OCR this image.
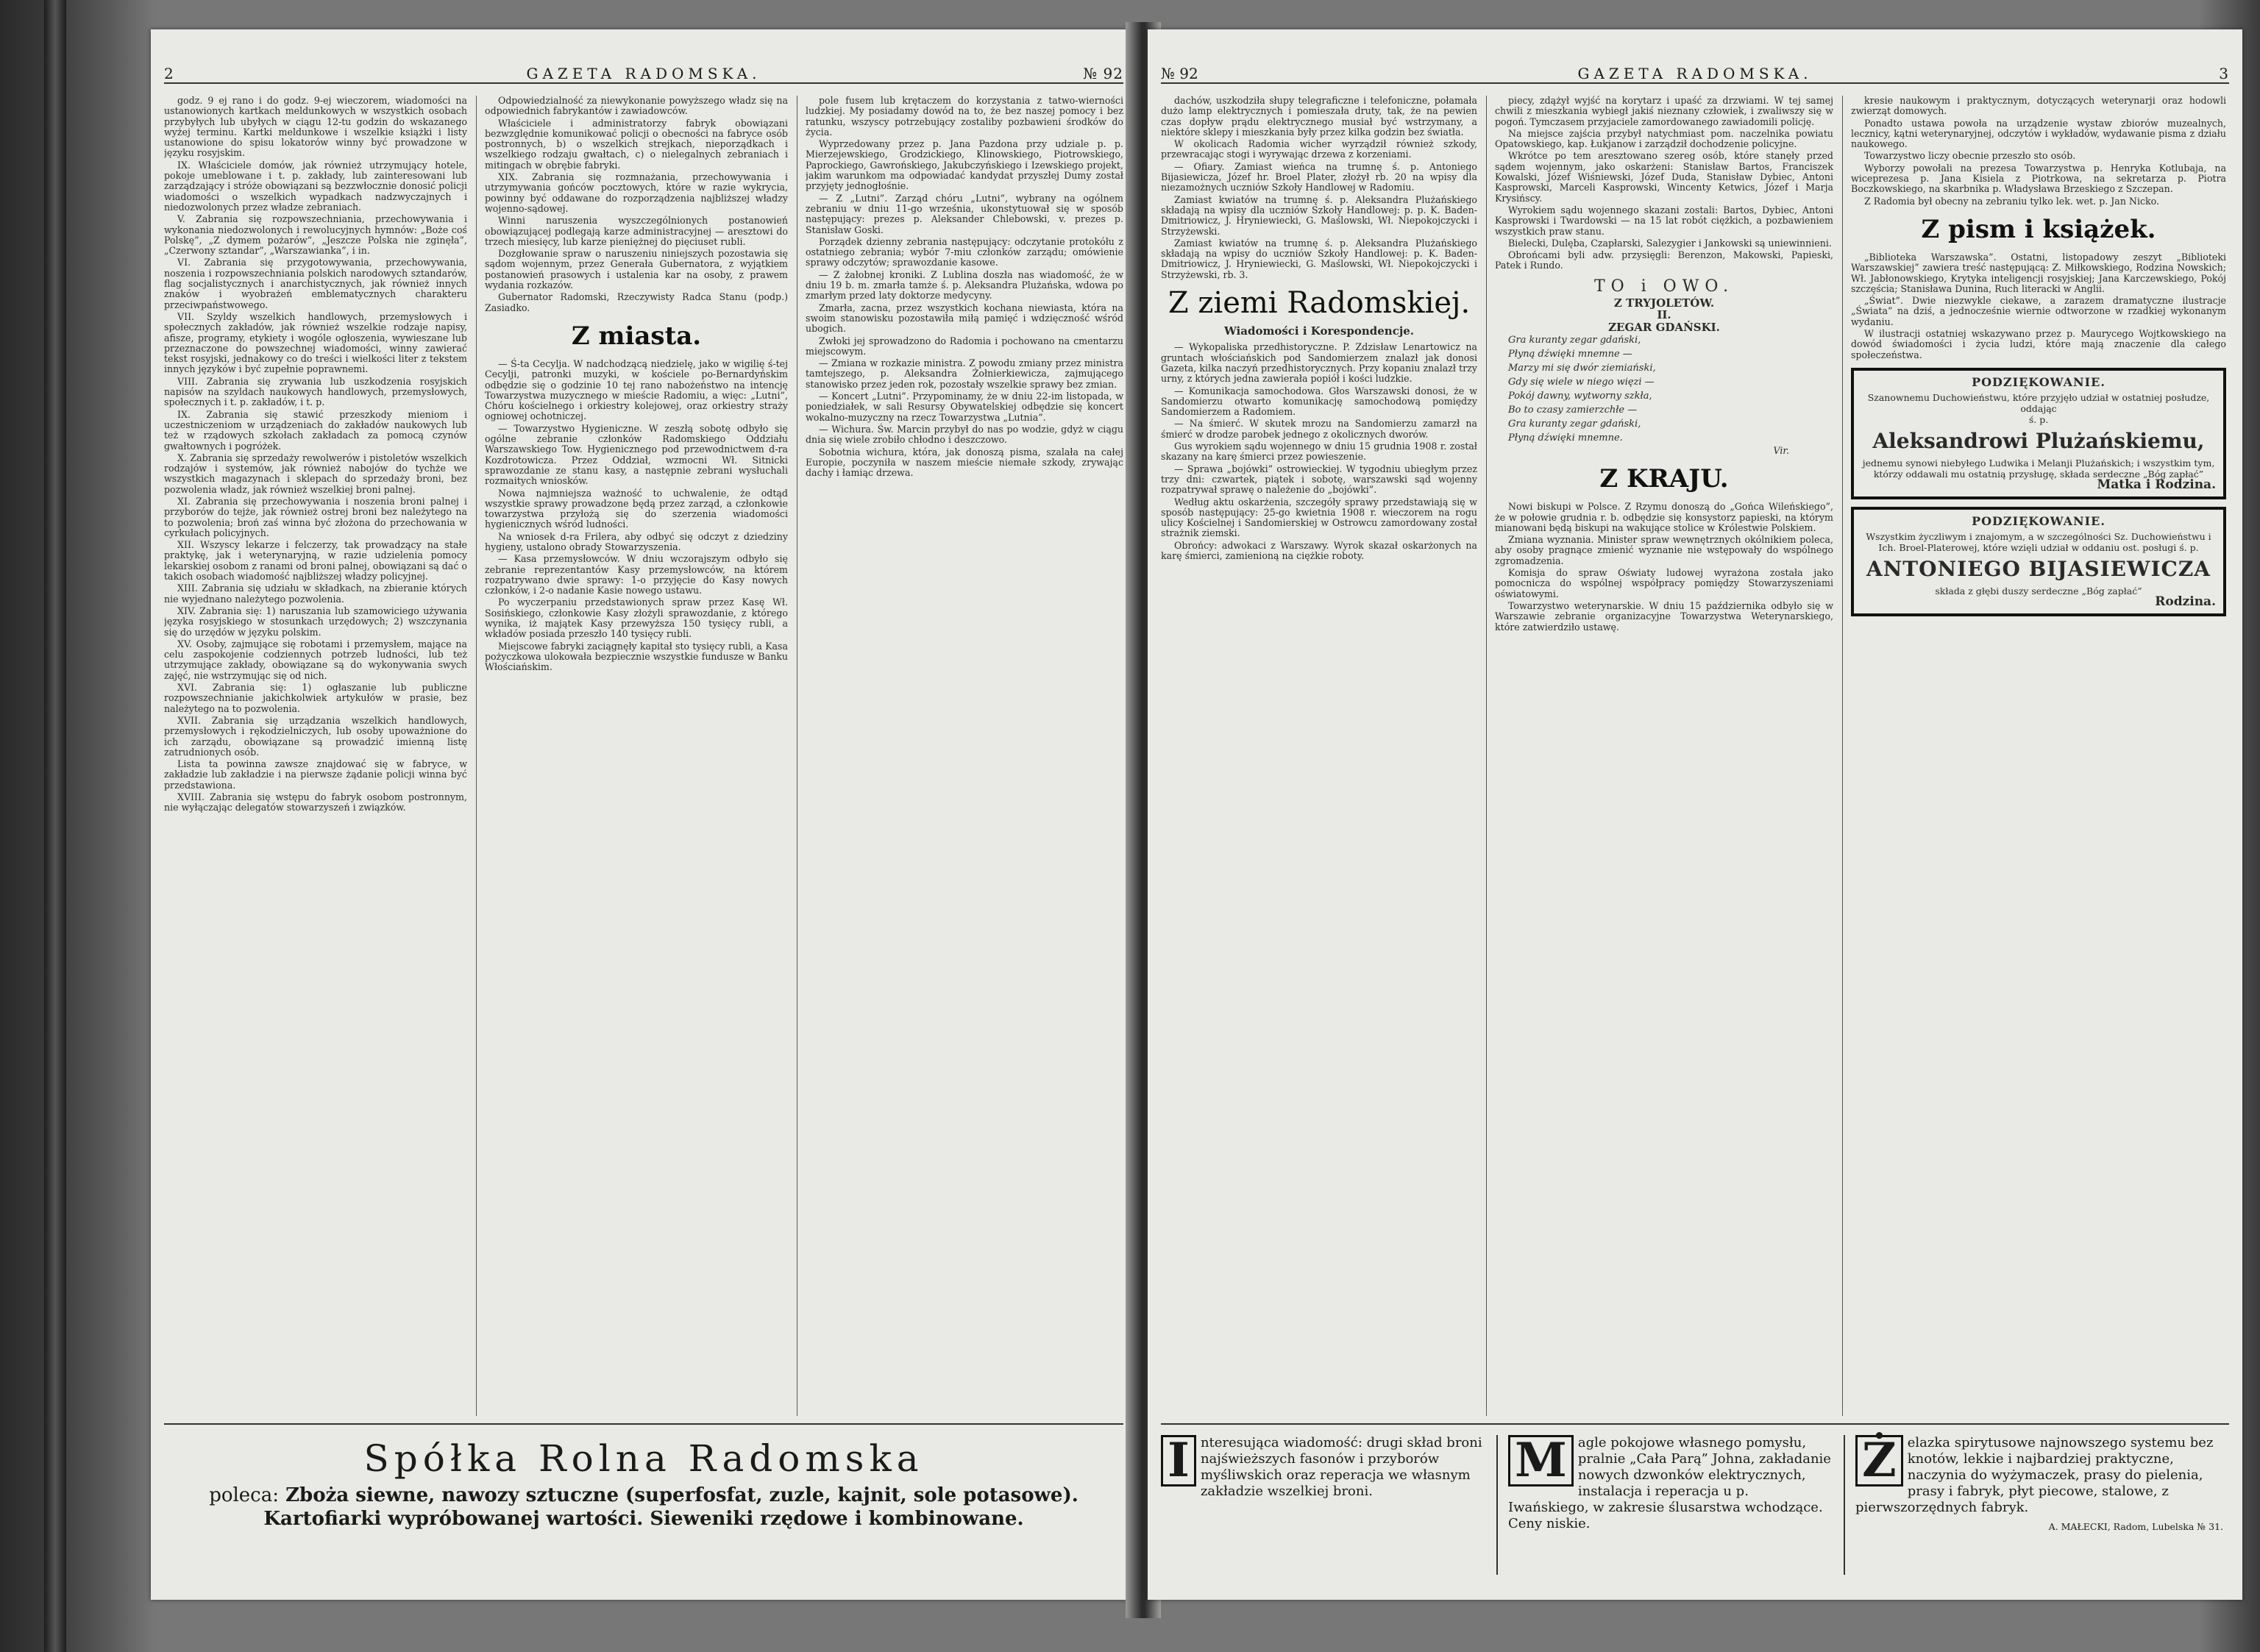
2	GAZETA RADOMSKA.	№ 92

godz. 9 ej rano i do godz. 9-ej wieczorem, wiadomości na ustanowionych kartkach meldunkowych w wszystkich osobach przybyłych lub ubyłych w ciągu 12-tu godzin do wskazanego wyżej terminu. Kartki meldunkowe i wszelkie książki i listy ustanowione do spisu lokatorów winny być prowadzone w języku rosyjskim.

IX. Właściciele domów, jak również utrzymujący hotele, pokoje umeblowane i t. p. zakłady, lub zainteresowani lub zarządzający i stróże obowiązani są bezzwłocznie donosić policji wiadomości o wszelkich wypadkach nadzwyczajnych i niedozwolonych przez władze zebraniach.

V. Zabrania się rozpowszechniania, przechowywania i wykonania niedozwolonych i rewolucyjnych hymnów: „Boże coś Polskę”, „Z dymem pożarów”, „Jeszcze Polska nie zginęła”, „Czerwony sztandar”, „Warszawianka”, i in.

VI. Zabrania się przygotowywania, przechowywania, noszenia i rozpowszechniania polskich narodowych sztandarów, flag socjalistycznych i anarchistycznych, jak również innych znaków i wyobrażeń emblematycznych charakteru przeciwpaństwowego.

VII. Szyldy wszelkich handlowych, przemysłowych i społecznych zakładów, jak również wszelkie rodzaje napisy, afisze, programy, etykiety i wogóle ogłoszenia, wywieszane lub przeznaczone do powszechnej wiadomości, winny zawierać tekst rosyjski, jednakowy co do treści i wielkości liter z tekstem innych języków i być zupełnie poprawnemi.

VIII. Zabrania się zrywania lub uszkodzenia rosyjskich napisów na szyldach naukowych handlowych, przemysłowych, społecznych i t. p. zakładów, i t. p.

IX. Zabrania się stawić przeszkody mieniom i uczestniczeniom w urządzeniach do zakładów naukowych lub też w rządowych szkołach zakładach za pomocą czynów gwałtownych i pogróżek.

X. Zabrania się sprzedaży rewolwerów i pistoletów wszelkich rodzajów i systemów, jak również nabojów do tychże we wszystkich magazynach i sklepach do sprzedaży broni, bez pozwolenia władz, jak również wszelkiej broni palnej.

XI. Zabrania się przechowywania i noszenia broni palnej i przyborów do tejże, jak również ostrej broni bez należytego na to pozwolenia; broń zaś winna być złożona do przechowania w cyrkułach policyjnych.

XII. Wszyscy lekarze i felczerzy, tak prowadzący na stałe praktykę, jak i weterynaryjną, w razie udzielenia pomocy lekarskiej osobom z ranami od broni palnej, obowiązani są dać o takich osobach wiadomość najbliższej władzy policyjnej.

XIII. Zabrania się udziału w składkach, na zbieranie których nie wyjednano należytego pozwolenia.

XIV. Zabrania się: 1) naruszania lub szamowiciego używania języka rosyjskiego w stosunkach urzędowych; 2) wszczynania się do urzędów w języku polskim.

XV. Osoby, zajmujące się robotami i przemysłem, mające na celu zaspokojenie codziennych potrzeb ludności, lub też utrzymujące zakłady, obowiązane są do wykonywania swych zajęć, nie wstrzymując się od nich.

XVI. Zabrania się: 1) ogłaszanie lub publiczne rozpowszechnianie jakichkolwiek artykułów w prasie, bez należytego na to pozwolenia.

XVII. Zabrania się urządzania wszelkich handlowych, przemysłowych i rękodzielniczych, lub osoby upoważnione do ich zarządu, obowiązane są prowadzić imienną listę zatrudnionych osób.

Lista ta powinna zawsze znajdować się w fabryce, w zakładzie lub zakładzie i na pierwsze żądanie policji winna być przedstawiona.

XVIII. Zabrania się wstępu do fabryk osobom postronnym, nie wyłączając delegatów stowarzyszeń i związków.

Odpowiedzialność za niewykonanie powyższego władz się na odpowiednich fabrykantów i zawiadowców.

Właściciele i administratorzy fabryk obowiązani bezwzględnie komunikować policji o obecności na fabryce osób postronnych, b) o wszelkich strejkach, nieporządkach i wszelkiego rodzaju gwałtach, c) o nielegalnych zebraniach i mitingach w obrębie fabryki.

XIX. Zabrania się rozmnażania, przechowywania i utrzymywania gońców pocztowych, które w razie wykrycia, powinny być oddawane do rozporządzenia najbliższej władzy wojenno-sądowej.

Winni naruszenia wyszczególnionych postanowień obowiązującej podlegają karze administracyjnej — aresztowi do trzech miesięcy, lub karze pieniężnej do pięciuset rubli.

Dozgłowanie spraw o naruszeniu niniejszych pozostawia się sądom wojennym, przez Generała Gubernatora, z wyjątkiem postanowień prasowych i ustalenia kar na osoby, z prawem wydania rozkazów.

Gubernator Radomski, Rzeczywisty Radca Stanu (podp.) Zasiadko.

Z miasta.

— Ś-ta Cecylja. W nadchodzącą niedzielę, jako w wigilię ś-tej Cecylji, patronki muzyki, w kościele po-Bernardyńskim odbędzie się o godzinie 10 tej rano nabożeństwo na intencję Towarzystwa muzycznego w mieście Radomiu, a więc: „Lutni”, Chóru kościelnego i orkiestry kolejowej, oraz orkiestry straży ogniowej ochotniczej.

— Towarzystwo Hygieniczne. W zeszłą sobotę odbyło się ogólne zebranie członków Radomskiego Oddziału Warszawskiego Tow. Hygienicznego pod przewodnictwem d-ra Kozdrotowicza. Przez Oddział, wzmocni Wł. Sitnicki sprawozdanie ze stanu kasy, a następnie zebrani wysłuchali rozmaitych wniosków.

Nowa najmniejsza ważność to uchwalenie, że odtąd wszystkie sprawy prowadzone będą przez zarząd, a członkowie towarzystwa przyłożą się do szerzenia wiadomości hygienicznych wśród ludności.

Na wniosek d-ra Frilera, aby odbyć się odczyt z dziedziny hygieny, ustalono obrady Stowarzyszenia.

— Kasa przemysłowców. W dniu wczorajszym odbyło się zebranie reprezentantów Kasy przemysłowców, na którem rozpatrywano dwie sprawy: 1-o przyjęcie do Kasy nowych członków, i 2-o nadanie Kasie nowego ustawu.

Po wyczerpaniu przedstawionych spraw przez Kasę Wł. Sosińskiego, członkowie Kasy złożyli sprawozdanie, z którego wynika, iż majątek Kasy przewyższa 150 tysięcy rubli, a wkładów posiada przeszło 140 tysięcy rubli.

Miejscowe fabryki zaciągnęły kapitał sto tysięcy rubli, a Kasa pożyczkowa ulokowała bezpiecznie wszystkie fundusze w Banku Włościańskim.

pole fusem lub krętaczem do korzystania z tatwo-wierności ludzkiej. My posiadamy dowód na to, że bez naszej pomocy i bez ratunku, wszyscy potrzebujący zostaliby pozbawieni środków do życia.

Wyprzedowany przez p. Jana Pazdona przy udziale p. p. Mierzejewskiego, Grodzickiego, Klinowskiego, Piotrowskiego, Paprockiego, Gawrońskiego, Jakubczyńskiego i Izewskiego projekt, jakim warunkom ma odpowiadać kandydat przyszłej Dumy został przyjęty jednogłośnie.

— Z „Lutni”. Zarząd chóru „Lutni”, wybrany na ogólnem zebraniu w dniu 11-go września, ukonstytuował się w sposób następujący: prezes p. Aleksander Chlebowski, v. prezes p. Stanisław Goski.

Porządek dzienny zebrania następujący: odczytanie protokółu z ostatniego zebrania; wybór 7-miu członków zarządu; omówienie sprawy odczytów; sprawozdanie kasowe.

— Z żałobnej kroniki. Z Lublina doszła nas wiadomość, że w dniu 19 b. m. zmarła tamże ś. p. Aleksandra Plużańska, wdowa po zmarłym przed laty doktorze medycyny.

Zmarła, zacna, przez wszystkich kochana niewiasta, która na swoim stanowisku pozostawiła miłą pamięć i wdzięczność wśród ubogich.

Zwłoki jej sprowadzono do Radomia i pochowano na cmentarzu miejscowym.

— Zmiana w rozkazie ministra. Z powodu zmiany przez ministra tamtejszego, p. Aleksandra Żołnierkiewicza, zajmującego stanowisko przez jeden rok, pozostały wszelkie sprawy bez zmian.

— Koncert „Lutni”. Przypominamy, że w dniu 22-im listopada, w poniedziałek, w sali Resursy Obywatelskiej odbędzie się koncert wokalno-muzyczny na rzecz Towarzystwa „Lutnia”.

— Wichura. Św. Marcin przybył do nas po wodzie, gdyż w ciągu dnia się wiele zrobiło chłodno i deszczowo.

Sobotnia wichura, która, jak donoszą pisma, szalała na całej Europie, poczyniła w naszem mieście niemałe szkody, zrywając dachy i łamiąc drzewa.

Spółka Rolna Radomska
poleca: Zboża siewne, nawozy sztuczne (superfosfat, zuzle, kajnit, sole potasowe).
Kartofiarki wypróbowanej wartości. Sieweniki rzędowe i kombinowane.
№ 92	GAZETA RADOMSKA.	3

dachów, uszkodziła słupy telegraficzne i telefoniczne, połamała dużo lamp elektrycznych i pomieszała druty, tak, że na pewien czas dopływ prądu elektrycznego musiał być wstrzymany, a niektóre sklepy i mieszkania były przez kilka godzin bez światła.

W okolicach Radomia wicher wyrządził również szkody, przewracając stogi i wyrywając drzewa z korzeniami.

— Ofiary. Zamiast wieńca na trumnę ś. p. Antoniego Bijasiewicza, Józef hr. Broel Plater, złożył rb. 20 na wpisy dla niezamożnych uczniów Szkoły Handlowej w Radomiu.

Zamiast kwiatów na trumnę ś. p. Aleksandra Plużańskiego składają na wpisy dla uczniów Szkoły Handlowej: p. p. K. Baden-Dmitriowicz, J. Hryniewiecki, G. Maślowski, Wł. Niepokojczycki i Strzyżewski.

Zamiast kwiatów na trumnę ś. p. Aleksandra Plużańskiego składają na wpisy do uczniów Szkoły Handlowej: p. K. Baden-Dmitriowicz, J. Hryniewiecki, G. Maślowski, Wł. Niepokojczycki i Strzyżewski, rb. 3.

Z ziemi Radomskiej.
Wiadomości i Korespondencje.

— Wykopaliska przedhistoryczne. P. Zdzisław Lenartowicz na gruntach włościańskich pod Sandomierzem znalazł jak donosi Gazeta, kilka naczyń przedhistorycznych. Przy kopaniu znalazł trzy urny, z których jedna zawierała popiół i kości ludzkie.

— Komunikacja samochodowa. Głos Warszawski donosi, że w Sandomierzu otwarto komunikację samochodową pomiędzy Sandomierzem a Radomiem.

— Na śmierć. W skutek mrozu na Sandomierzu zamarzł na śmierć w drodze parobek jednego z okolicznych dworów.

Gus wyrokiem sądu wojennego w dniu 15 grudnia 1908 r. został skazany na karę śmierci przez powieszenie.

— Sprawa „bojówki” ostrowieckiej. W tygodniu ubiegłym przez trzy dni: czwartek, piątek i sobotę, warszawski sąd wojenny rozpatrywał sprawę o należenie do „bojówki”.

Według aktu oskarżenia, szczegóły sprawy przedstawiają się w sposób następujący: 25-go kwietnia 1908 r. wieczorem na rogu ulicy Kościelnej i Sandomierskiej w Ostrowcu zamordowany został strażnik ziemski.

Obrońcy: adwokaci z Warszawy. Wyrok skazał oskarżonych na karę śmierci, zamienioną na ciężkie roboty.

piecy, zdążył wyjść na korytarz i upaść za drzwiami. W tej samej chwili z mieszkania wybiegł jakiś nieznany człowiek, i zwaliwszy się w pogoń. Tymczasem przyjaciele zamordowanego zawiadomili policję.

Na miejsce zajścia przybył natychmiast pom. naczelnika powiatu Opatowskiego, kap. Łukjanow i zarządził dochodzenie policyjne.

Wkrótce po tem aresztowano szereg osób, które stanęły przed sądem wojennym, jako oskarżeni: Stanisław Bartos, Franciszek Kowalski, Józef Wiśniewski, Józef Duda, Stanisław Dybiec, Antoni Kasprowski, Marceli Kasprowski, Wincenty Ketwics, Józef i Marja Krysińscy.

Wyrokiem sądu wojennego skazani zostali: Bartos, Dybiec, Antoni Kasprowski i Twardowski — na 15 lat robót ciężkich, a pozbawieniem wszystkich praw stanu.

Bielecki, Dulęba, Czapłarski, Salezygier i Jankowski są uniewinnieni.

Obrońcami byli adw. przysięgli: Berenzon, Makowski, Papieski, Patek i Rundo.

TO i OWO.
Z TRYJOLETÓW.
II.
ZEGAR GDAŃSKI.

Gra kuranty zegar gdański,

Płyną dźwięki mnemne —

Marzy mi się dwór ziemiański,

Gdy się wiele w niego więzi —

Pokój dawny, wytworny szkła,

Bo to czasy zamierzchłe —

Gra kuranty zegar gdański,

Płyną dźwięki mnemne.

Vir.
Z KRAJU.

Nowi biskupi w Polsce. Z Rzymu donoszą do „Gońca Wileńskiego”, że w połowie grudnia r. b. odbędzie się konsystorz papieski, na którym mianowani będą biskupi na wakujące stolice w Królestwie Polskiem.

Zmiana wyznania. Minister spraw wewnętrznych okólnikiem poleca, aby osoby pragnące zmienić wyznanie nie wstępowały do wspólnego zgromadzenia.

Komisja do spraw Oświaty ludowej wyrażona została jako pomocnicza do wspólnej współpracy pomiędzy Stowarzyszeniami oświatowymi.

Towarzystwo weterynarskie. W dniu 15 października odbyło się w Warszawie zebranie organizacyjne Towarzystwa Weterynarskiego, które zatwierdziło ustawę.

kresie naukowym i praktycznym, dotyczących weterynarji oraz hodowli zwierząt domowych.

Ponadto ustawa powoła na urządzenie wystaw zbiorów muzealnych, lecznicy, kątni weterynaryjnej, odczytów i wykładów, wydawanie pisma z działu naukowego.

Towarzystwo liczy obecnie przeszło sto osób.

Wyborzy powołali na prezesa Towarzystwa p. Henryka Kotlubaja, na wiceprezesa p. Jana Kisiela z Piotrkowa, na sekretarza p. Piotra Boczkowskiego, na skarbnika p. Władysława Brzeskiego z Szczepan.

Z Radomia był obecny na zebraniu tylko lek. wet. p. Jan Nicko.

Z pism i książek.

„Biblioteka Warszawska”. Ostatni, listopadowy zeszyt „Biblioteki Warszawskiej” zawiera treść następującą: Z. Miłkowskiego, Rodzina Nowskich; Wł. Jabłonowskiego, Krytyka inteligencji rosyjskiej; Jana Karczewskiego, Pokój szczęścia; Stanisława Dunina, Ruch literacki w Anglii.

„Świat”. Dwie niezwykle ciekawe, a zarazem dramatyczne ilustracje „Świata” na dziś, a jednocześnie wiernie odtworzone w rzadkiej wykonanym wydaniu.

W ilustracji ostatniej wskazywano przez p. Maurycego Wojtkowskiego na dowód świadomości i życia ludzi, które mają znaczenie dla całego społeczeństwa.

PODZIĘKOWANIE.
Szanownemu Duchowieństwu, które przyjęło udział w ostatniej posłudze, oddając
ś. p.
Aleksandrowi Plużańskiemu,
jednemu synowi niebyłego Ludwika i Melanji Plużańskich; i wszystkim tym, którzy oddawali mu ostatnią przysługę, składa serdeczne „Bóg zapłać”
Matka i Rodzina.
PODZIĘKOWANIE.
Wszystkim życzliwym i znajomym, a w szczególności Sz. Duchowieństwu i Ich. Broel-Platerowej, które wzięli udział w oddaniu ost. posługi ś. p.
ANTONIEGO BIJASIEWICZA
składa z głębi duszy serdeczne „Bóg zapłać”
Rodzina.
I nteresująca wiadomość: drugi skład broni najświeższych fasonów i przyborów myśliwskich oraz reperacja we własnym zakładzie wszelkiej broni.
M agle pokojowe własnego pomysłu, pralnie „Cała Parą” Johna, zakładanie nowych dzwonków elektrycznych, instalacja i reperacja u p. Iwańskiego, w zakresie ślusarstwa wchodzące. Ceny niskie.
Ż elazka spirytusowe najnowszego systemu bez knotów, lekkie i najbardziej praktyczne, naczynia do wyżymaczek, prasy do pielenia, prasy i fabryk, płyt piecowe, stalowe, z pierwszorzędnych fabryk.
A. MAŁECKI, Radom, Lubelska № 31.
